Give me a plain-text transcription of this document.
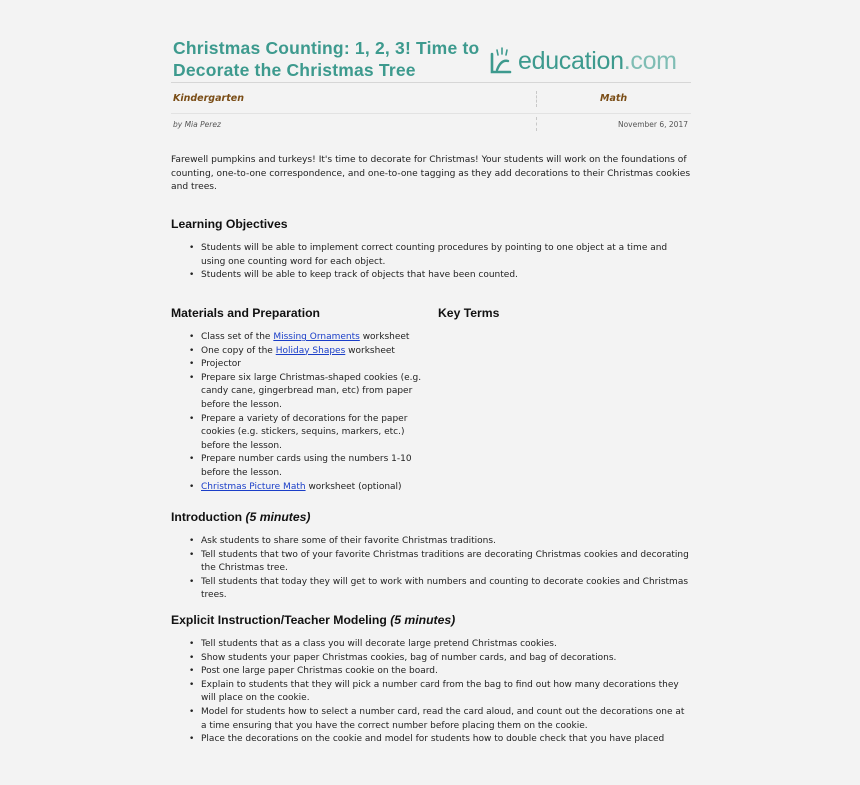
Christmas Counting: 1, 2, 3! Time to Decorate the Christmas Tree	education.com
Kindergarten	Math
by Mia Perez	November 6, 2017
Farewell pumpkins and turkeys! It's time to decorate for Christmas! Your students will work on the foundations of counting, one-to-one correspondence, and one-to-one tagging as they add decorations to their Christmas cookies and trees.
Learning Objectives
• Students will be able to implement correct counting procedures by pointing to one object at a time and using one counting word for each object.
• Students will be able to keep track of objects that have been counted.
Materials and Preparation	Key Terms
• Class set of the Missing Ornaments worksheet
• One copy of the Holiday Shapes worksheet
• Projector
• Prepare six large Christmas-shaped cookies (e.g. candy cane, gingerbread man, etc) from paper before the lesson.
• Prepare a variety of decorations for the paper cookies (e.g. stickers, sequins, markers, etc.) before the lesson.
• Prepare number cards using the numbers 1-10 before the lesson.
• Christmas Picture Math worksheet (optional)
Introduction (5 minutes)
• Ask students to share some of their favorite Christmas traditions.
• Tell students that two of your favorite Christmas traditions are decorating Christmas cookies and decorating the Christmas tree.
• Tell students that today they will get to work with numbers and counting to decorate cookies and Christmas trees.
Explicit Instruction/Teacher Modeling (5 minutes)
• Tell students that as a class you will decorate large pretend Christmas cookies.
• Show students your paper Christmas cookies, bag of number cards, and bag of decorations.
• Post one large paper Christmas cookie on the board.
• Explain to students that they will pick a number card from the bag to find out how many decorations they will place on the cookie.
• Model for students how to select a number card, read the card aloud, and count out the decorations one at a time ensuring that you have the correct number before placing them on the cookie.
• Place the decorations on the cookie and model for students how to double check that you have placed
